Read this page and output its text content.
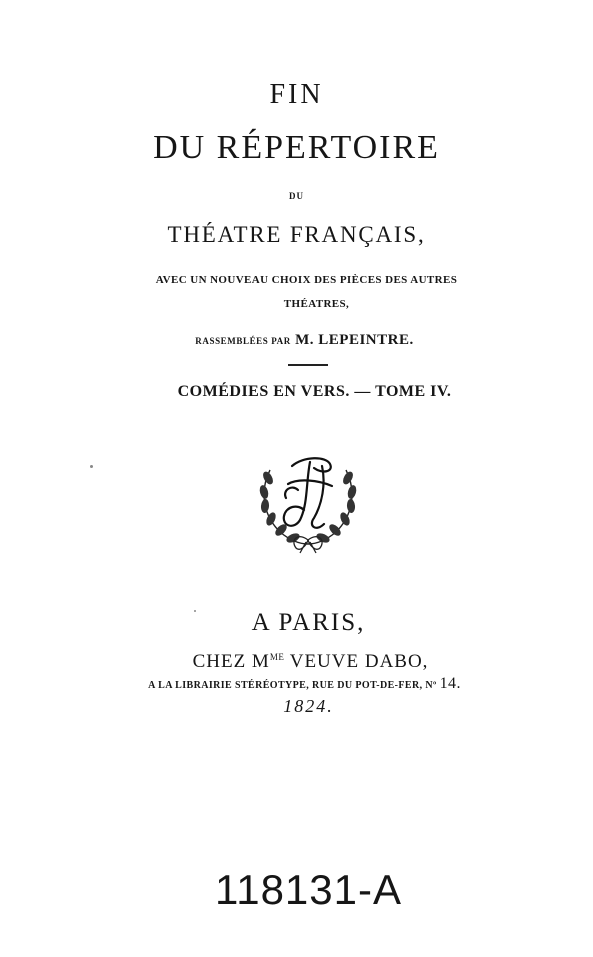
FIN
DU RÉPERTOIRE
DU
THÉATRE FRANÇAIS,
AVEC UN NOUVEAU CHOIX DES PIÈCES DES AUTRES
THÉATRES,
RASSEMBLÉES PAR M. LEPEINTRE.
COMÉDIES EN VERS. — TOME IV.
A PARIS,
CHEZ $M^{ME}$ VEUVE DABO,
A LA LIBRAIRIE STÉRÉOTYPE, RUE DU POT-DE-FER, Nº 14.
1824.
118131-A
